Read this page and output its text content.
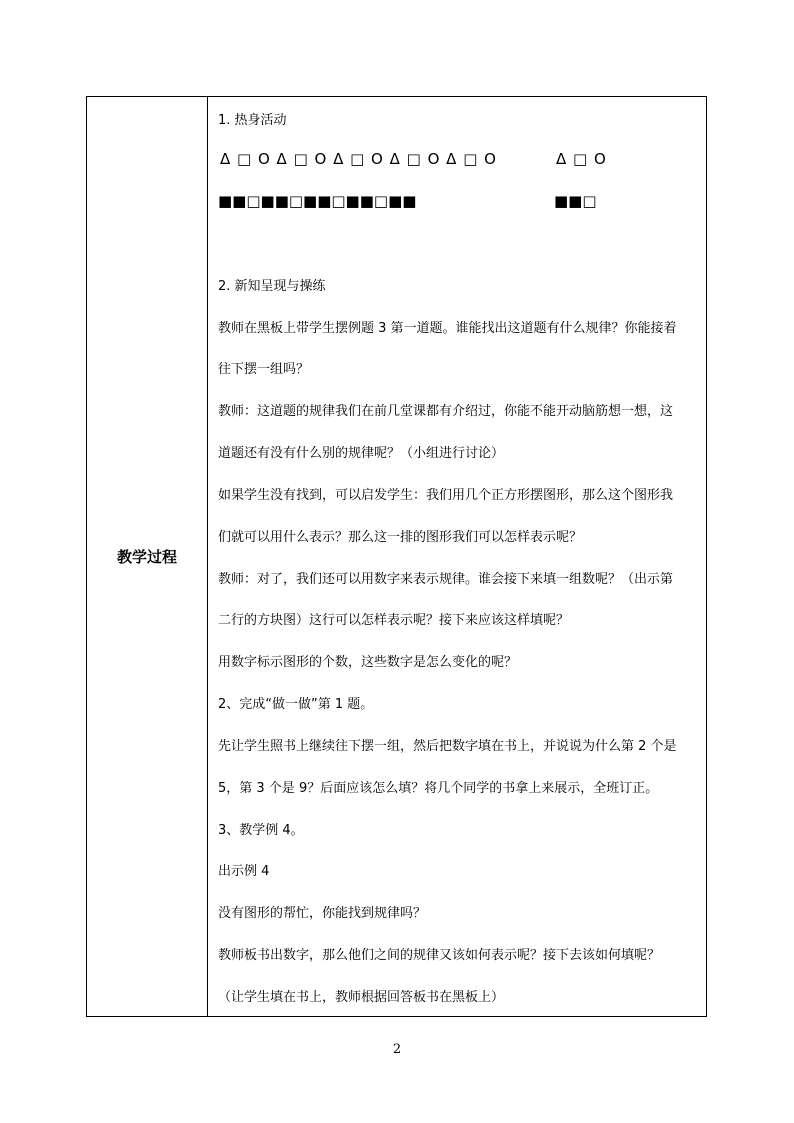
教学过程
1. 热身活动
Δ □ O Δ □ O Δ □ O Δ □ O Δ □ O	Δ □ O
■■□■■□■■□■■□■■	■■□
2. 新知呈现与操练
教师在黑板上带学生摆例题 3 第一道题。谁能找出这道题有什么规律？你能接着
往下摆一组吗？
教师：这道题的规律我们在前几堂课都有介绍过，你能不能开动脑筋想一想，这
道题还有没有什么别的规律呢？（小组进行讨论）
如果学生没有找到，可以启发学生：我们用几个正方形摆图形，那么这个图形我
们就可以用什么表示？那么这一排的图形我们可以怎样表示呢？
教师：对了，我们还可以用数字来表示规律。谁会接下来填一组数呢？（出示第
二行的方块图）这行可以怎样表示呢？接下来应该这样填呢？
用数字标示图形的个数，这些数字是怎么变化的呢？
2、完成“做一做”第 1 题。
先让学生照书上继续往下摆一组，然后把数字填在书上，并说说为什么第 2 个是
5，第 3 个是 9？后面应该怎么填？将几个同学的书拿上来展示，全班订正。
3、教学例 4。
出示例 4
没有图形的帮忙，你能找到规律吗？
教师板书出数字，那么他们之间的规律又该如何表示呢？接下去该如何填呢？
（让学生填在书上，教师根据回答板书在黑板上）
2
